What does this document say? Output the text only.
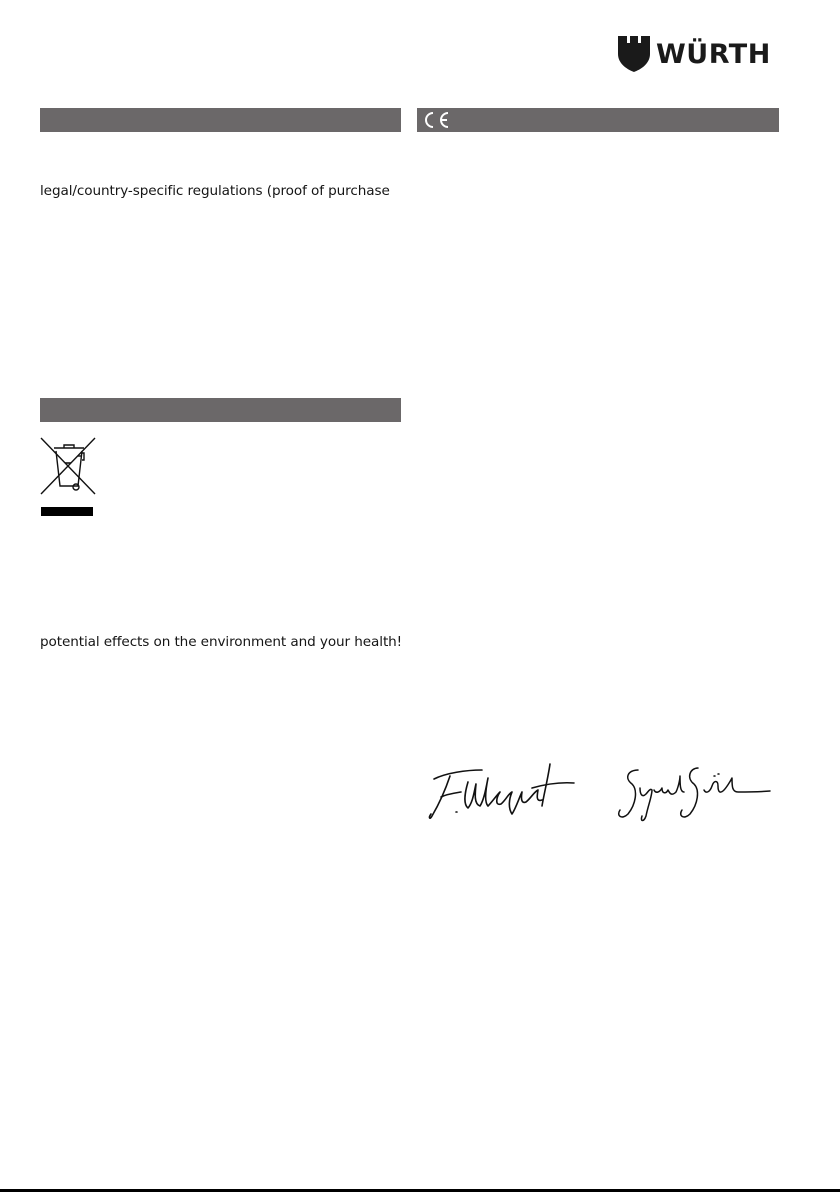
WÜRTH
legal/country-specific regulations (proof of purchase
potential effects on the environment and your health!
